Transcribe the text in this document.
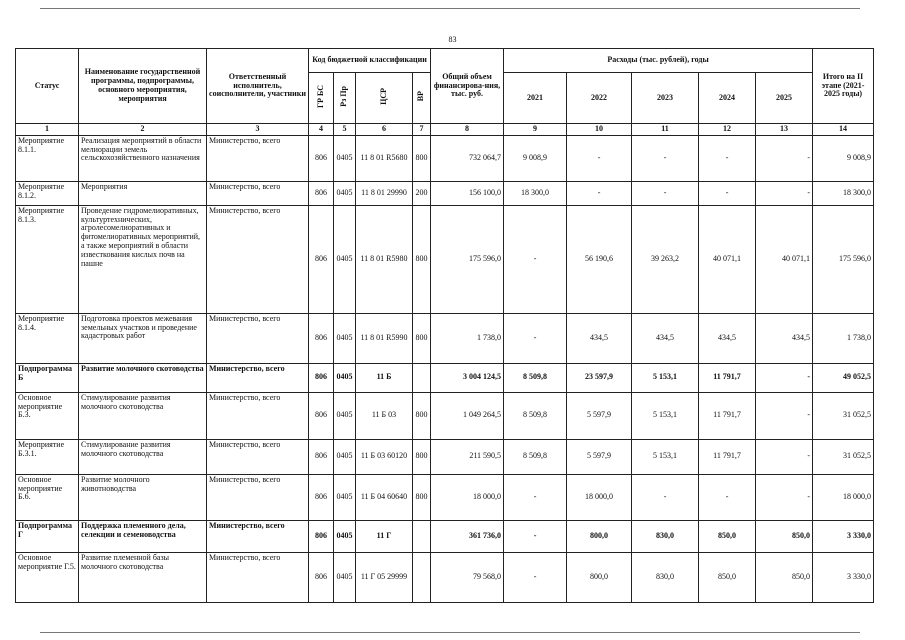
83
Статус	Наименование государственной программы, подпрограммы, основного мероприятия, мероприятия	Ответственный исполнитель, соисполнители, участники	Код бюджетной классификации				Общий объем финансирова-ния, тыс. руб.	Расходы (тыс. рублей), годы					Итого на II этапе (2021-2025 годы)
			ГР БС	Рз Пр	ЦСР	ВР		2021	2022	2023	2024	2025	
1	2	3	4	5	6	7	8	9	10	11	12	13	14
Мероприятие 8.1.1.	Реализация мероприятий в области мелиорации земель сельскохозяйственного назначения	Министерство, всего	806	0405	11 8 01 R5680	800	732 064,7	9 008,9	-	-	-	-	9 008,9
Мероприятие 8.1.2.	Мероприятия	Министерство, всего	806	0405	11 8 01 29990	200	156 100,0	18 300,0	-	-	-	-	18 300,0
Мероприятие 8.1.3.	Проведение гидромелиоративных, культуртехнических, агролесомелиоративных и фитомелиоративных мероприятий, а также мероприятий в области известкования кислых почв на пашне	Министерство, всего	806	0405	11 8 01 R5980	800	175 596,0	-	56 190,6	39 263,2	40 071,1	40 071,1	175 596,0
Мероприятие 8.1.4.	Подготовка проектов межевания земельных участков и проведение кадастровых работ	Министерство, всего	806	0405	11 8 01 R5990	800	1 738,0	-	434,5	434,5	434,5	434,5	1 738,0
Подпрограмма Б	Развитие молочного скотоводства	Министерство, всего	806	0405	11 Б		3 004 124,5	8 509,8	23 597,9	5 153,1	11 791,7	-	49 052,5
Основное мероприятие Б.3.	Стимулирование развития молочного скотоводства	Министерство, всего	806	0405	11 Б 03	800	1 049 264,5	8 509,8	5 597,9	5 153,1	11 791,7	-	31 052,5
Мероприятие Б.3.1.	Стимулирование развития молочного скотоводства	Министерство, всего	806	0405	11 Б 03 60120	800	211 590,5	8 509,8	5 597,9	5 153,1	11 791,7	-	31 052,5
Основное мероприятие Б.6.	Развитие молочного животноводства	Министерство, всего	806	0405	11 Б 04 60640	800	18 000,0	-	18 000,0	-	-	-	18 000,0
Подпрограмма Г	Поддержка племенного дела, селекции и семеноводства	Министерство, всего	806	0405	11 Г		361 736,0	-	800,0	830,0	850,0	850,0	3 330,0
Основное мероприятие Г.5.	Развитие племенной базы молочного скотоводства	Министерство, всего	806	0405	11 Г 05 29999		79 568,0	-	800,0	830,0	850,0	850,0	3 330,0
